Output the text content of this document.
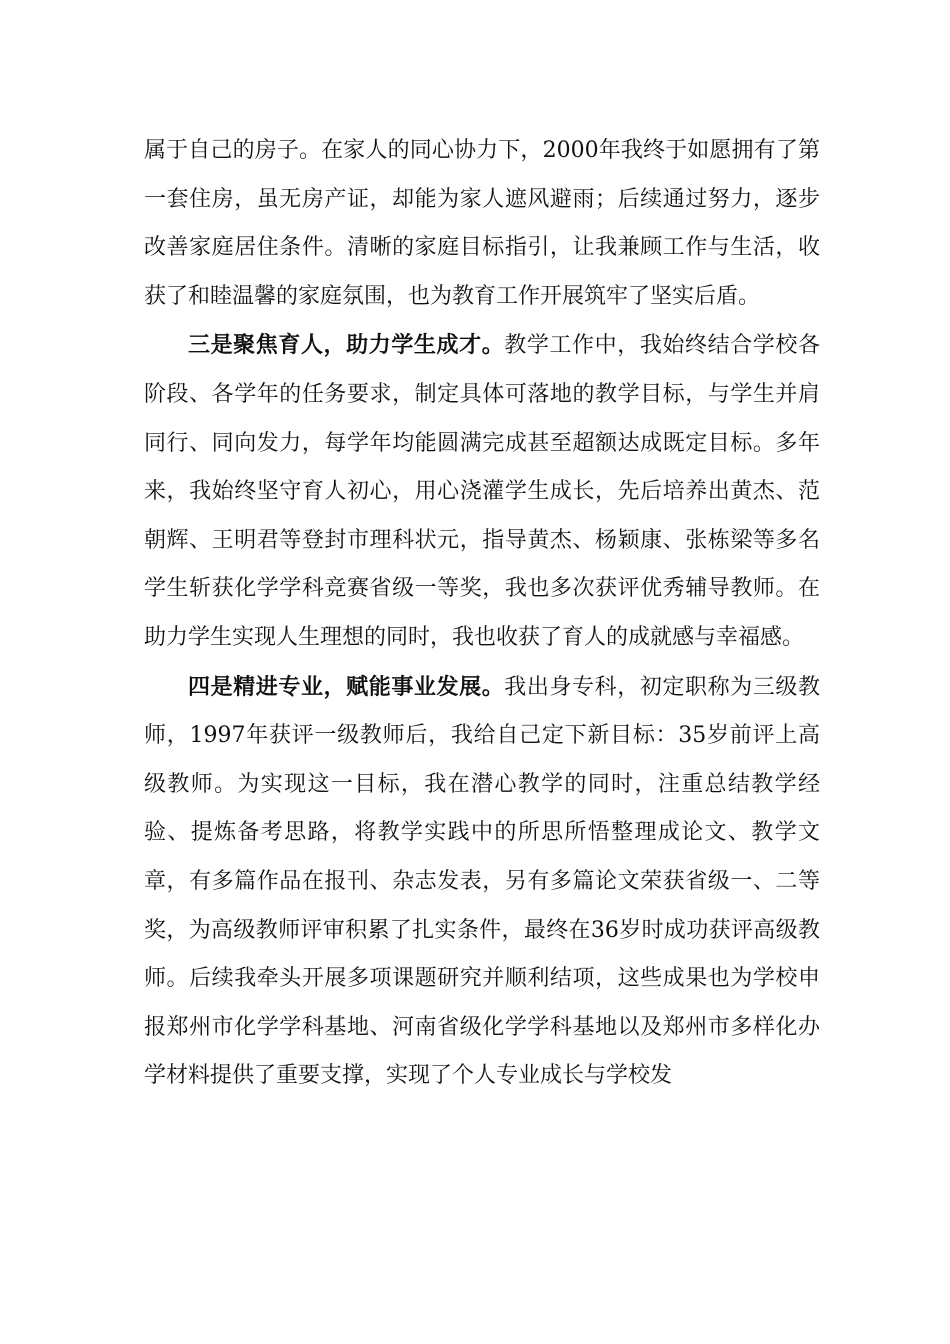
属于自己的房子。在家人的同心协力下，2000年我终于如愿拥有了第一套住房，虽无房产证，却能为家人遮风避雨；后续通过努力，逐步改善家庭居住条件。清晰的家庭目标指引，让我兼顾工作与生活，收获了和睦温馨的家庭氛围，也为教育工作开展筑牢了坚实后盾。

三是聚焦育人，助力学生成才。教学工作中，我始终结合学校各阶段、各学年的任务要求，制定具体可落地的教学目标，与学生并肩同行、同向发力，每学年均能圆满完成甚至超额达成既定目标。多年来，我始终坚守育人初心，用心浇灌学生成长，先后培养出黄杰、范朝辉、王明君等登封市理科状元，指导黄杰、杨颖康、张栋梁等多名学生斩获化学学科竞赛省级一等奖，我也多次获评优秀辅导教师。在助力学生实现人生理想的同时，我也收获了育人的成就感与幸福感。

四是精进专业，赋能事业发展。我出身专科，初定职称为三级教师，1997年获评一级教师后，我给自己定下新目标：35岁前评上高级教师。为实现这一目标，我在潜心教学的同时，注重总结教学经验、提炼备考思路，将教学实践中的所思所悟整理成论文、教学文章，有多篇作品在报刊、杂志发表，另有多篇论文荣获省级一、二等奖，为高级教师评审积累了扎实条件，最终在36岁时成功获评高级教师。后续我牵头开展多项课题研究并顺利结项，这些成果也为学校申报郑州市化学学科基地、河南省级化学学科基地以及郑州市多样化办学材料提供了重要支撑，实现了个人专业成长与学校发
